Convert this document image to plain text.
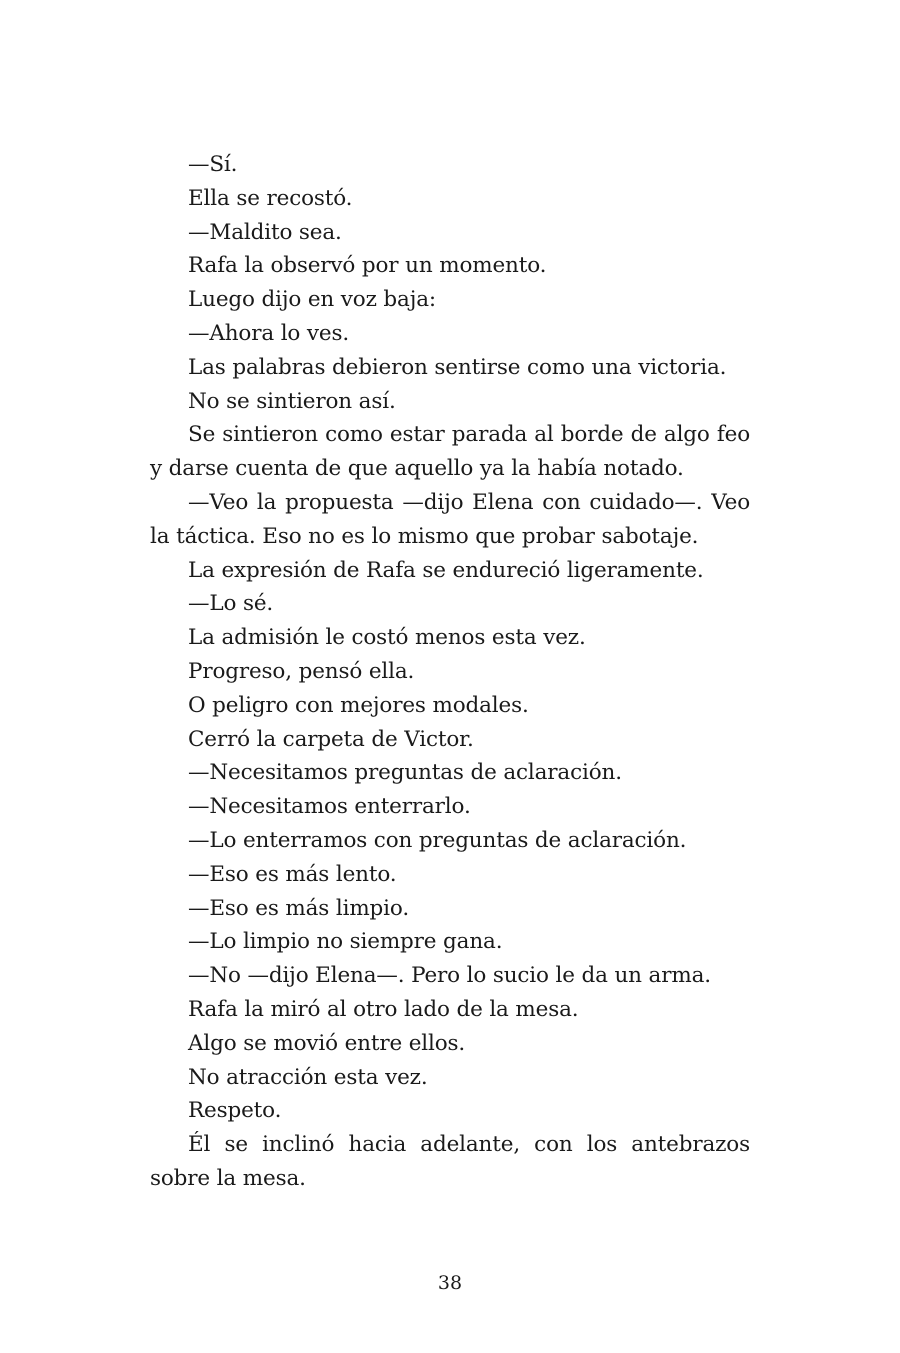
—Sí.

Ella se recostó.

—Maldito sea.

Rafa la observó por un momento.

Luego dijo en voz baja:

—Ahora lo ves.

Las palabras debieron sentirse como una victoria.

No se sintieron así.

Se sintieron como estar parada al borde de algo feo y darse cuenta de que aquello ya la había notado.

—Veo la propuesta —dijo Elena con cuidado—. Veo la táctica. Eso no es lo mismo que probar sabotaje.

La expresión de Rafa se endureció ligeramente.

—Lo sé.

La admisión le costó menos esta vez.

Progreso, pensó ella.

O peligro con mejores modales.

Cerró la carpeta de Victor.

—Necesitamos preguntas de aclaración.

—Necesitamos enterrarlo.

—Lo enterramos con preguntas de aclaración.

—Eso es más lento.

—Eso es más limpio.

—Lo limpio no siempre gana.

—No —dijo Elena—. Pero lo sucio le da un arma.

Rafa la miró al otro lado de la mesa.

Algo se movió entre ellos.

No atracción esta vez.

Respeto.

Él se inclinó hacia adelante, con los antebrazos sobre la mesa.

38
